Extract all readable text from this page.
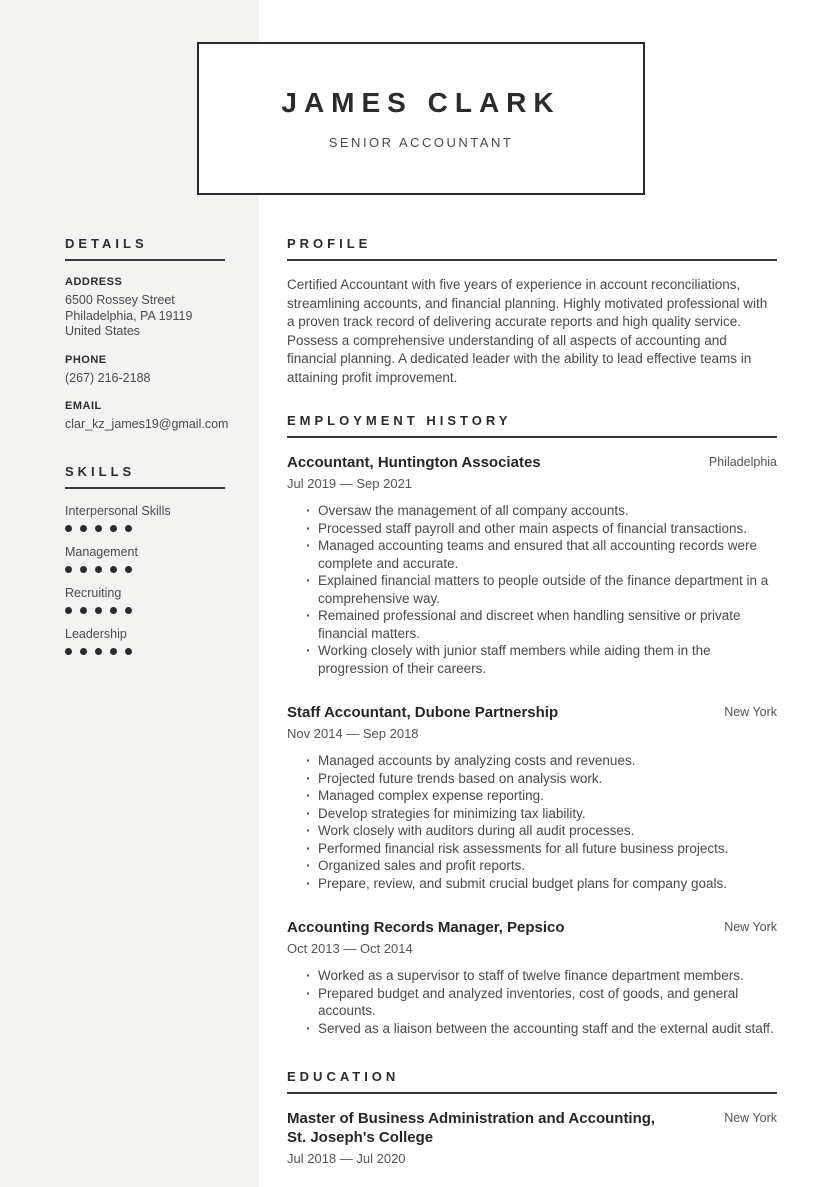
JAMES CLARK
SENIOR ACCOUNTANT
DETAILS
ADDRESS
6500 Rossey Street
Philadelphia, PA 19119
United States
PHONE
(267) 216-2188
EMAIL
clar_kz_james19@gmail.com
SKILLS
Interpersonal Skills
Management
Recruiting
Leadership
PROFILE

Certified Accountant with five years of experience in account reconciliations, streamlining accounts, and financial planning. Highly motivated professional with a proven track record of delivering accurate reports and high quality service. Possess a comprehensive understanding of all aspects of accounting and financial planning. A dedicated leader with the ability to lead effective teams in attaining profit improvement.

EMPLOYMENT HISTORY
Accountant, Huntington Associates	Philadelphia
Jul 2019 — Sep 2021
· Oversaw the management of all company accounts.
· Processed staff payroll and other main aspects of financial transactions.
· Managed accounting teams and ensured that all accounting records were complete and accurate.
· Explained financial matters to people outside of the finance department in a comprehensive way.
· Remained professional and discreet when handling sensitive or private financial matters.
· Working closely with junior staff members while aiding them in the progression of their careers.
Staff Accountant, Dubone Partnership	New York
Nov 2014 — Sep 2018
· Managed accounts by analyzing costs and revenues.
· Projected future trends based on analysis work.
· Managed complex expense reporting.
· Develop strategies for minimizing tax liability.
· Work closely with auditors during all audit processes.
· Performed financial risk assessments for all future business projects.
· Organized sales and profit reports.
· Prepare, review, and submit crucial budget plans for company goals.
Accounting Records Manager, Pepsico	New York
Oct 2013 — Oct 2014
· Worked as a supervisor to staff of twelve finance department members.
· Prepared budget and analyzed inventories, cost of goods, and general accounts.
· Served as a liaison between the accounting staff and the external audit staff.
EDUCATION
Master of Business Administration and Accounting, St. Joseph's College
New York
Jul 2018 — Jul 2020
